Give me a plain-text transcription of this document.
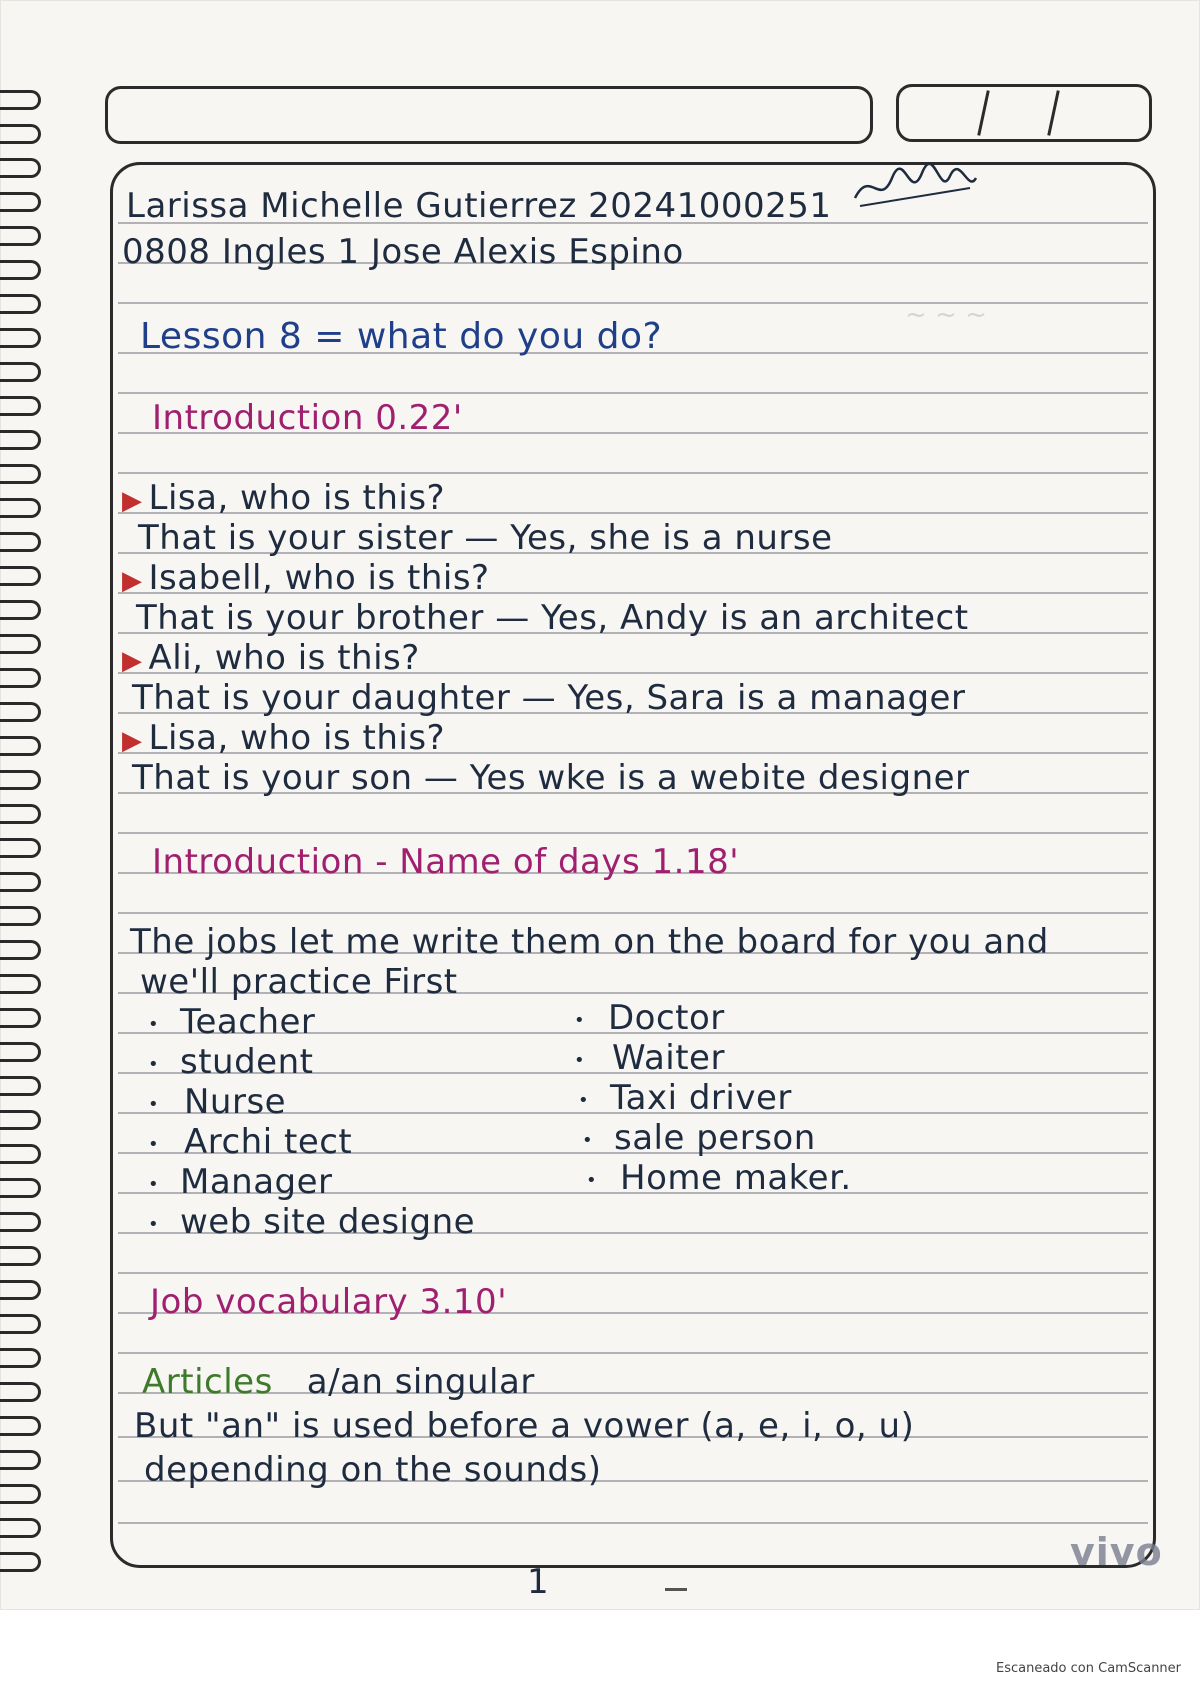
~ ~ ~
Larissa Michelle Gutierrez 20241000251
0808 Ingles 1 Jose Alexis Espino
Lesson 8 = what do you do?
Introduction 0.22'
▶ Lisa, who is this?
That is your sister — Yes, she is a nurse
▶ Isabell, who is this?
That is your brother — Yes, Andy is an architect
▶ Ali, who is this?
That is your daughter — Yes, Sara is a manager
▶ Lisa, who is this?
That is your son — Yes wke is a webite designer
Introduction - Name of days 1.18'
The jobs let me write them on the board for you and
we'll practice First
• Teacher
• student
• Nurse
• Archi tect
• Manager
• web site designe
• Doctor
• Waiter
• Taxi driver
• sale person
• Home maker.
Job vocabulary 3.10'
Articles a/an singular
But "an" is used before a vower (a, e, i, o, u)
depending on the sounds)
1
vivo
Escaneado con CamScanner
